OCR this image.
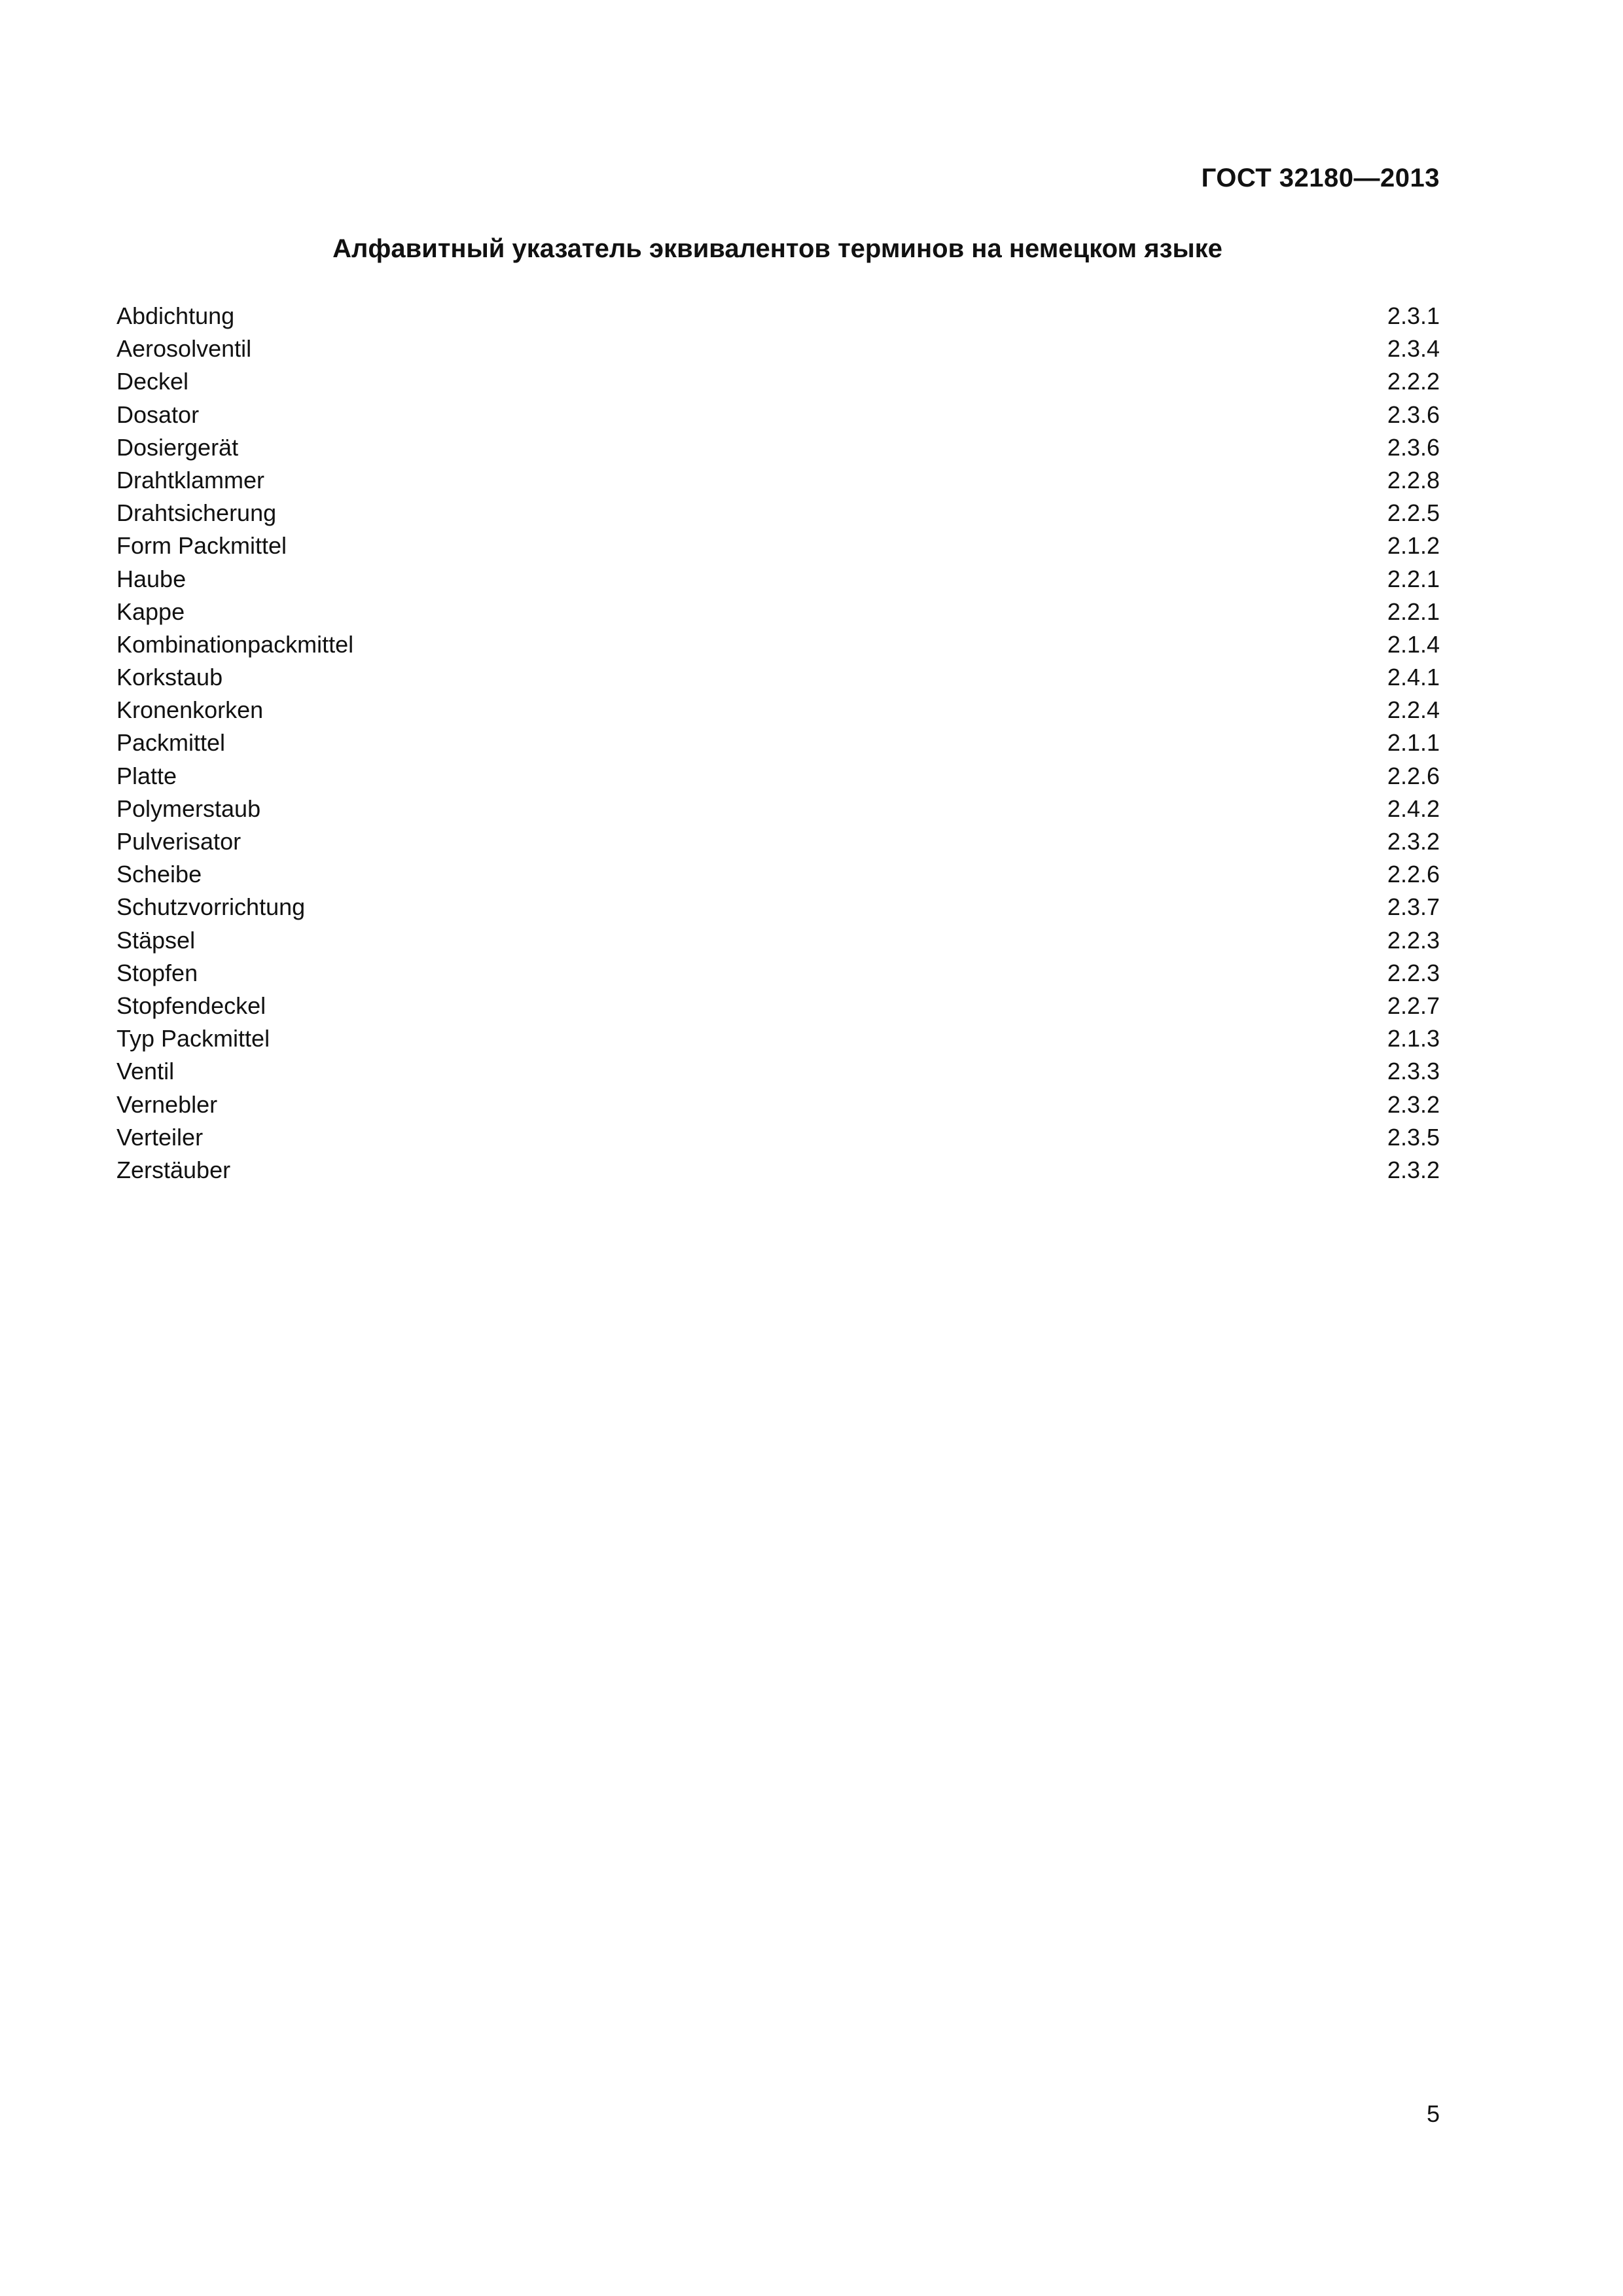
ГОСТ 32180—2013
Алфавитный указатель эквивалентов терминов на немецком языке
Abdichtung	2.3.1
Aerosolventil	2.3.4
Deckel	2.2.2
Dosator	2.3.6
Dosiergerät	2.3.6
Drahtklammer	2.2.8
Drahtsicherung	2.2.5
Form Packmittel	2.1.2
Haube	2.2.1
Kappe	2.2.1
Kombinationpackmittel	2.1.4
Korkstaub	2.4.1
Kronenkorken	2.2.4
Packmittel	2.1.1
Platte	2.2.6
Polymerstaub	2.4.2
Pulverisator	2.3.2
Scheibe	2.2.6
Schutzvorrichtung	2.3.7
Stäpsel	2.2.3
Stopfen	2.2.3
Stopfendeckel	2.2.7
Typ Packmittel	2.1.3
Ventil	2.3.3
Vernebler	2.3.2
Verteiler	2.3.5
Zerstäuber	2.3.2
5
